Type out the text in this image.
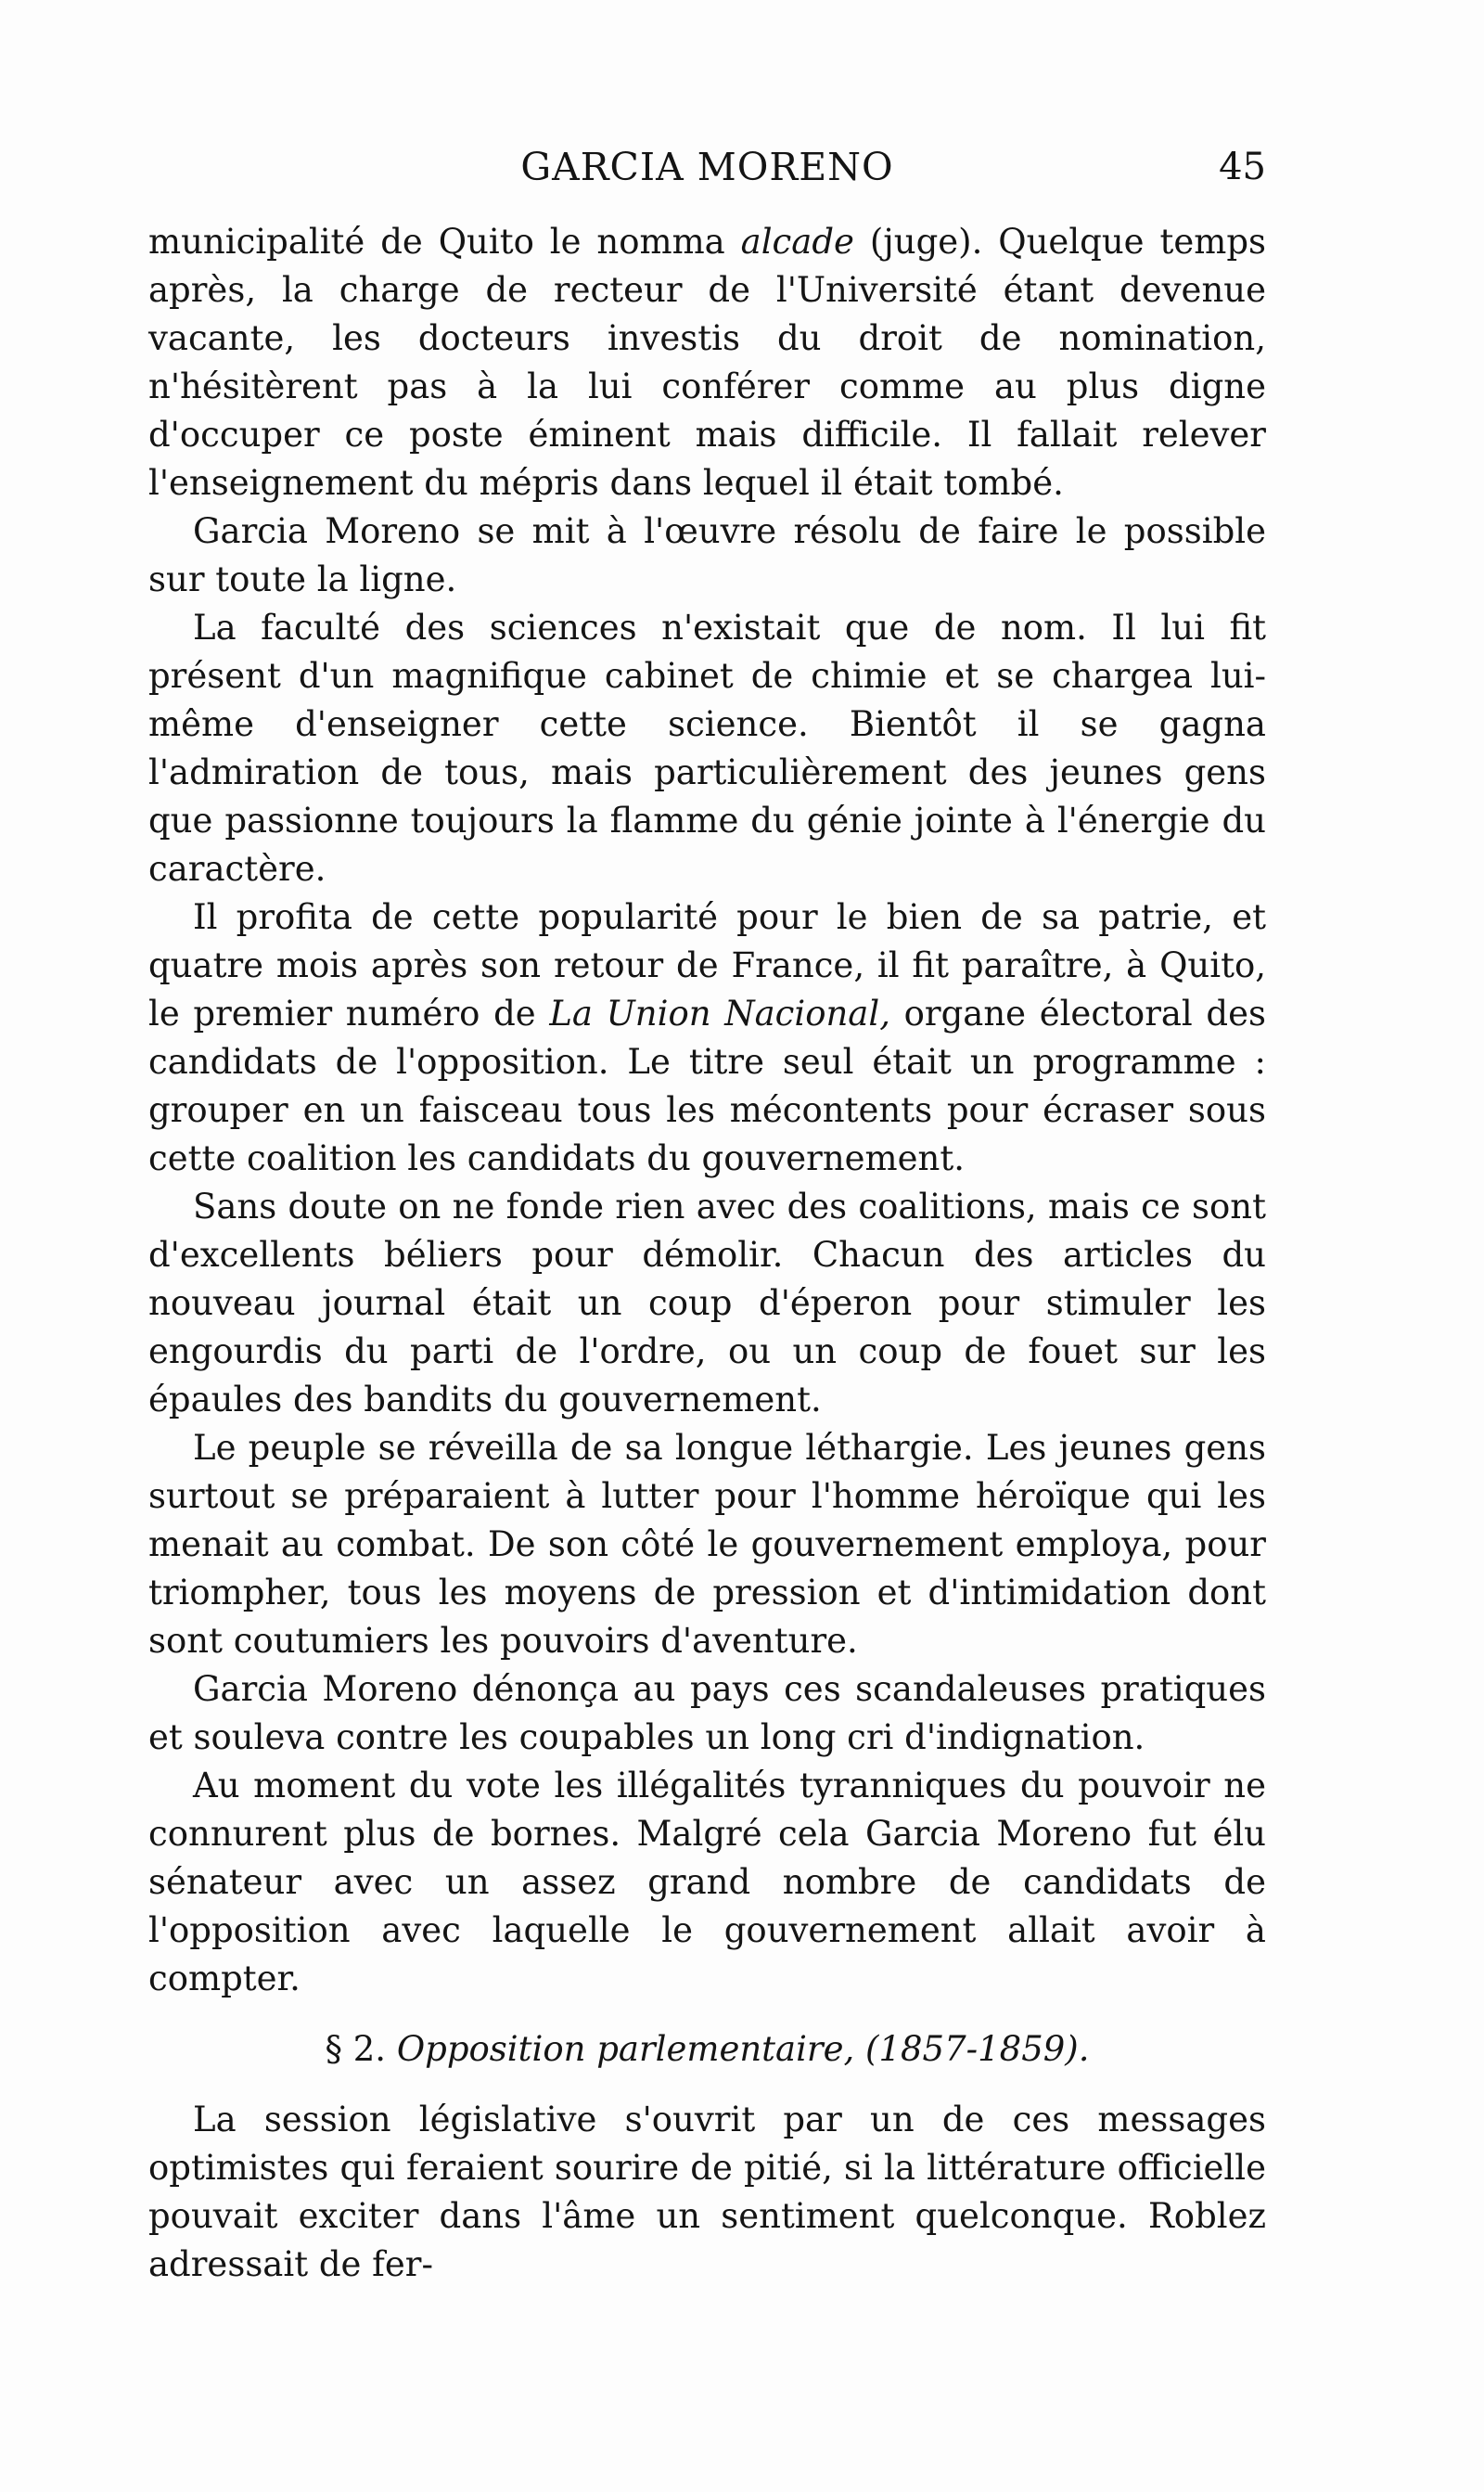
GARCIA MORENO	45

municipalité de Quito le nomma alcade (juge). Quelque temps après, la charge de recteur de l'Université étant devenue vacante, les docteurs investis du droit de nomination, n'hésitèrent pas à la lui conférer comme au plus digne d'occuper ce poste éminent mais difficile. Il fallait relever l'enseignement du mépris dans lequel il était tombé.

Garcia Moreno se mit à l'œuvre résolu de faire le possible sur toute la ligne.

La faculté des sciences n'existait que de nom. Il lui fit présent d'un magnifique cabinet de chimie et se chargea lui-même d'enseigner cette science. Bientôt il se gagna l'admiration de tous, mais particulièrement des jeunes gens que passionne toujours la flamme du génie jointe à l'énergie du caractère.

Il profita de cette popularité pour le bien de sa patrie, et quatre mois après son retour de France, il fit paraître, à Quito, le premier numéro de La Union Nacional, organe électoral des candidats de l'opposition. Le titre seul était un programme : grouper en un faisceau tous les mécontents pour écraser sous cette coalition les candidats du gouvernement.

Sans doute on ne fonde rien avec des coalitions, mais ce sont d'excellents béliers pour démolir. Chacun des articles du nouveau journal était un coup d'éperon pour stimuler les engourdis du parti de l'ordre, ou un coup de fouet sur les épaules des bandits du gouvernement.

Le peuple se réveilla de sa longue léthargie. Les jeunes gens surtout se préparaient à lutter pour l'homme héroïque qui les menait au combat. De son côté le gouvernement employa, pour triompher, tous les moyens de pression et d'intimidation dont sont coutumiers les pouvoirs d'aventure.

Garcia Moreno dénonça au pays ces scandaleuses pratiques et souleva contre les coupables un long cri d'indignation.

Au moment du vote les illégalités tyranniques du pouvoir ne connurent plus de bornes. Malgré cela Garcia Moreno fut élu sénateur avec un assez grand nombre de candidats de l'opposition avec laquelle le gouvernement allait avoir à compter.

§ 2. Opposition parlementaire, (1857-1859).

La session législative s'ouvrit par un de ces messages optimistes qui feraient sourire de pitié, si la littérature officielle pouvait exciter dans l'âme un sentiment quelconque. Roblez adressait de fer-
